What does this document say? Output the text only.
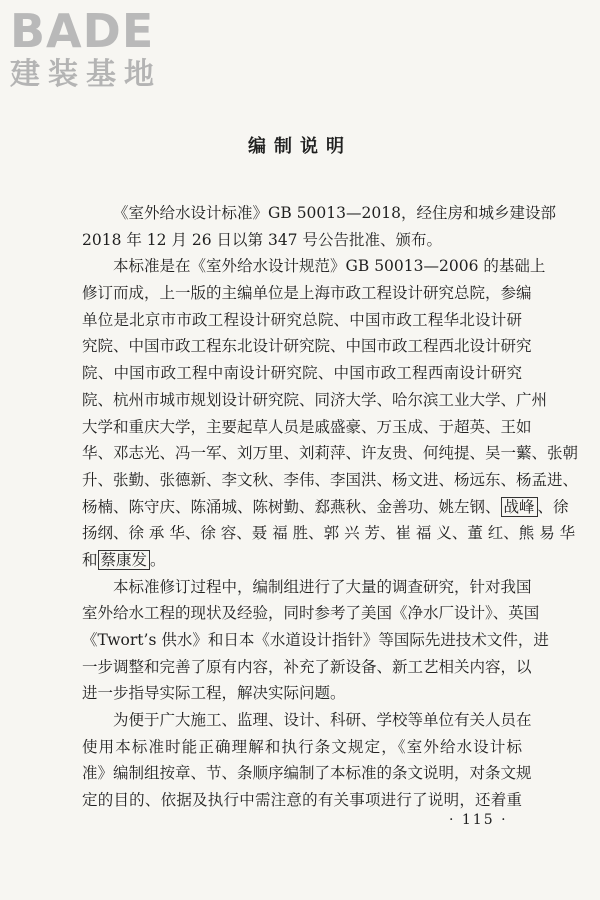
BADE
建装基地
编制说明
《室外给水设计标准》GB 50013—2018，经住房和城乡建设部
2018 年 12 月 26 日以第 347 号公告批准、颁布。
本标准是在《室外给水设计规范》GB 50013—2006 的基础上
修订而成，上一版的主编单位是上海市政工程设计研究总院，参编
单位是北京市市政工程设计研究总院、中国市政工程华北设计研
究院、中国市政工程东北设计研究院、中国市政工程西北设计研究
院、中国市政工程中南设计研究院、中国市政工程西南设计研究
院、杭州市城市规划设计研究院、同济大学、哈尔滨工业大学、广州
大学和重庆大学，主要起草人员是戚盛豪、万玉成、于超英、王如
华、邓志光、冯一军、刘万里、刘莉萍、许友贵、何纯提、吴一蘩、张朝
升、张勤、张德新、李文秋、李伟、李国洪、杨文进、杨远东、杨孟进、
杨楠、陈守庆、陈涌城、陈树勤、郄燕秋、金善功、姚左钢、 战峰 、徐
扬纲、徐 承 华、徐 容、聂 福 胜、郭 兴 芳、崔 福 义、董 红、熊 易 华
和 蔡康发 。
本标准修订过程中，编制组进行了大量的调查研究，针对我国
室外给水工程的现状及经验，同时参考了美国《净水厂设计》、英国
《Twort’s 供水》和日本《水道设计指针》等国际先进技术文件，进
一步调整和完善了原有内容，补充了新设备、新工艺相关内容，以
进一步指导实际工程，解决实际问题。
为便于广大施工、监理、设计、科研、学校等单位有关人员在
使用本标准时能正确理解和执行条文规定，《室外给水设计标
准》编制组按章、节、条顺序编制了本标准的条文说明，对条文规
定的目的、依据及执行中需注意的有关事项进行了说明，还着重
· 115 ·
